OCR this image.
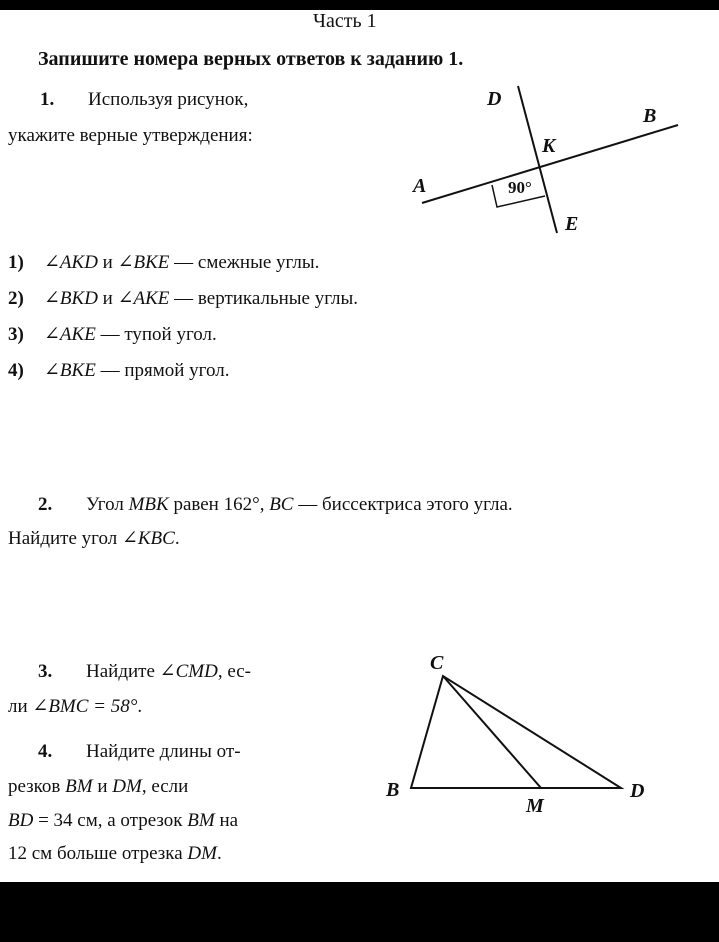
Часть 1
Запишите номера верных ответов к заданию 1.
1. Используя рисунок,
укажите верные утверждения:
90°
D
B
K
A
E
1) ∠AKD и ∠BKE — смежные углы.
2) ∠BKD и ∠AKE — вертикальные углы.
3) ∠AKE — тупой угол.
4) ∠BKE — прямой угол.
2. Угол MBK равен 162°, BC — биссектриса этого угла.
Найдите угол ∠KBC.
3. Найдите ∠CMD, ес-
ли ∠BMC = 58°.
4. Найдите длины от-
резков BM и DM, если
BD = 34 см, а отрезок BM на
12 см больше отрезка DM.
C
B
M
D
